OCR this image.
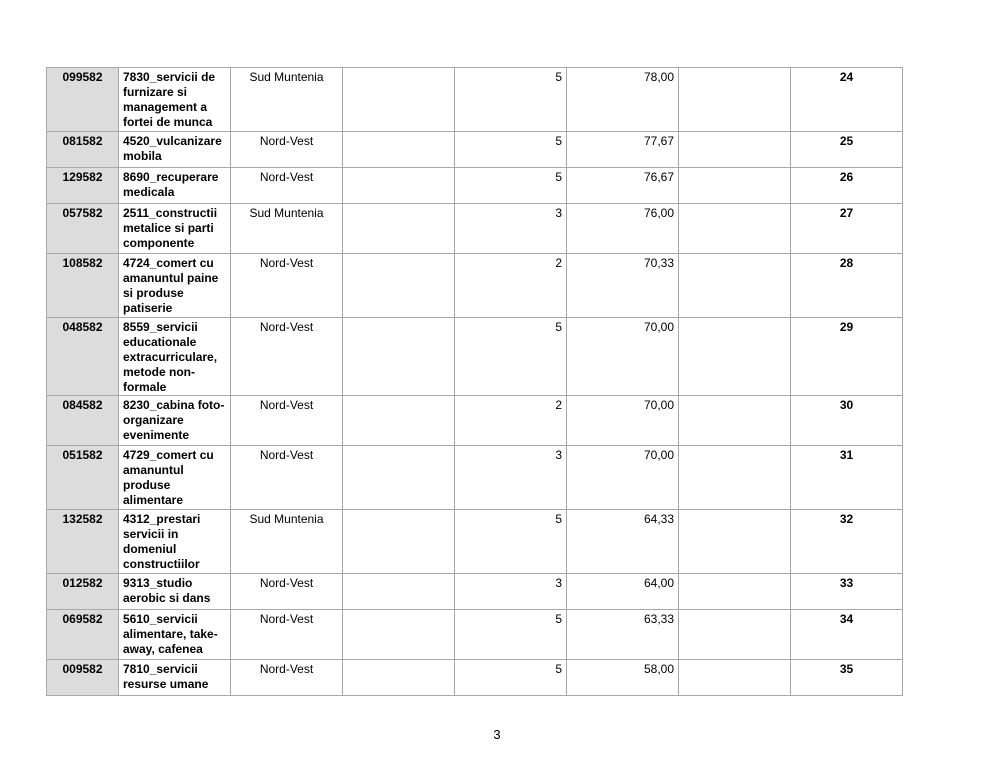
099582	7830_servicii de furnizare si management a fortei de munca	Sud Muntenia		5	78,00		24
081582	4520_vulcanizare mobila	Nord-Vest		5	77,67		25
129582	8690_recuperare medicala	Nord-Vest		5	76,67		26
057582	2511_constructii metalice si parti componente	Sud Muntenia		3	76,00		27
108582	4724_comert cu amanuntul paine si produse patiserie	Nord-Vest		2	70,33		28
048582	8559_servicii educationale extracurriculare, metode non-formale	Nord-Vest		5	70,00		29
084582	8230_cabina foto-organizare evenimente	Nord-Vest		2	70,00		30
051582	4729_comert cu amanuntul produse alimentare	Nord-Vest		3	70,00		31
132582	4312_prestari servicii in domeniul constructiilor	Sud Muntenia		5	64,33		32
012582	9313_studio aerobic si dans	Nord-Vest		3	64,00		33
069582	5610_servicii alimentare, take-away, cafenea	Nord-Vest		5	63,33		34
009582	7810_servicii resurse umane	Nord-Vest		5	58,00		35
3
